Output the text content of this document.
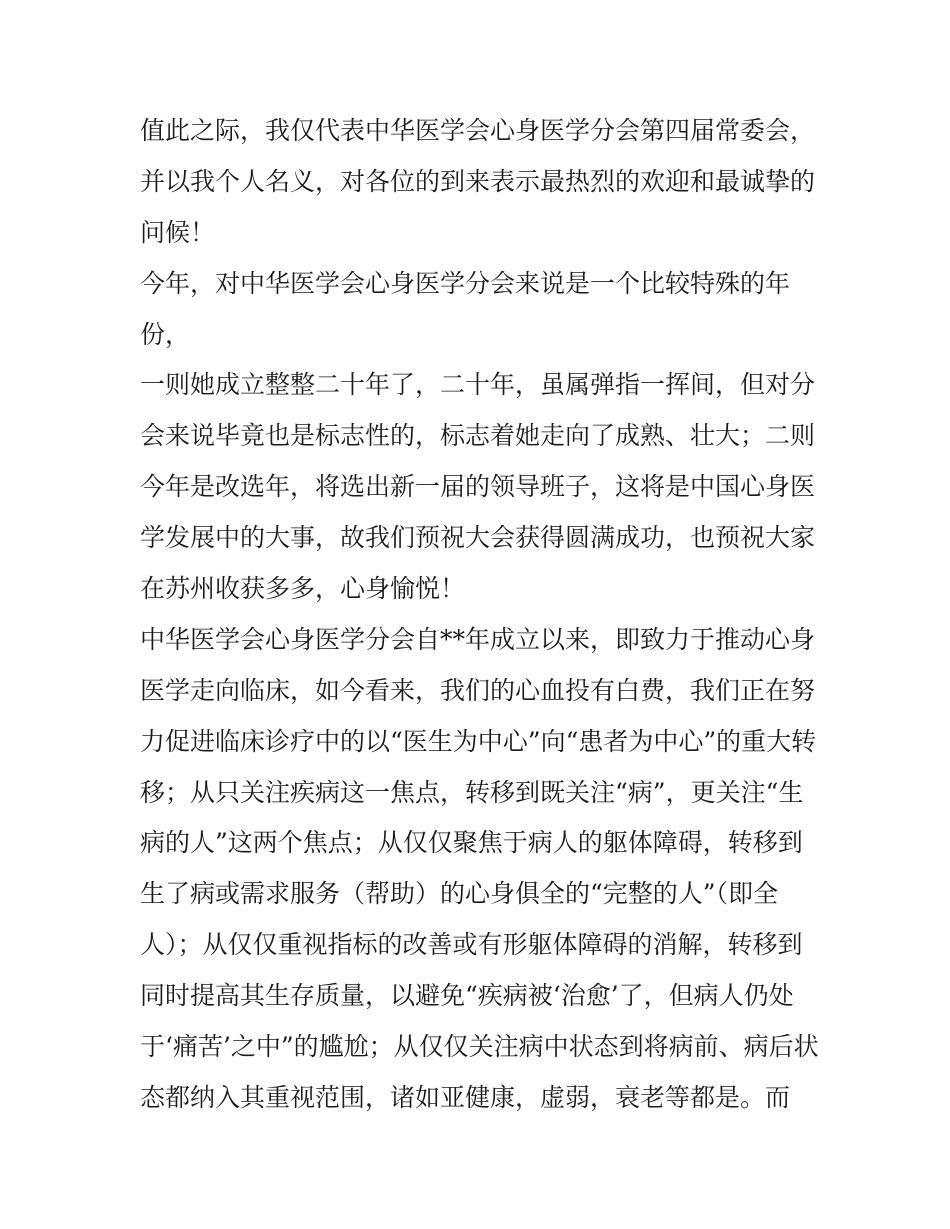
值此之际，我仅代表中华医学会心身医学分会第四届常委会，
并以我个人名义，对各位的到来表示最热烈的欢迎和最诚挚的
问候！
今年，对中华医学会心身医学分会来说是一个比较特殊的年
份，
一则她成立整整二十年了，二十年，虽属弹指一挥间，但对分
会来说毕竟也是标志性的，标志着她走向了成熟、壮大；二则
今年是改选年，将选出新一届的领导班子，这将是中国心身医
学发展中的大事，故我们预祝大会获得圆满成功，也预祝大家
在苏州收获多多，心身愉悦！
中华医学会心身医学分会自**年成立以来，即致力于推动心身
医学走向临床，如今看来，我们的心血投有白费，我们正在努
力促进临床诊疗中的以“医生为中心”向“患者为中心”的重大转
移；从只关注疾病这一焦点，转移到既关注“病”，更关注“生
病的人”这两个焦点；从仅仅聚焦于病人的躯体障碍，转移到
生了病或需求服务（帮助）的心身俱全的“完整的人”（即全
人）；从仅仅重视指标的改善或有形躯体障碍的消解，转移到
同时提高其生存质量，以避免“疾病被‘治愈’了，但病人仍处
于‘痛苦’之中”的尴尬；从仅仅关注病中状态到将病前、病后状
态都纳入其重视范围，诸如亚健康，虚弱，衰老等都是。而
